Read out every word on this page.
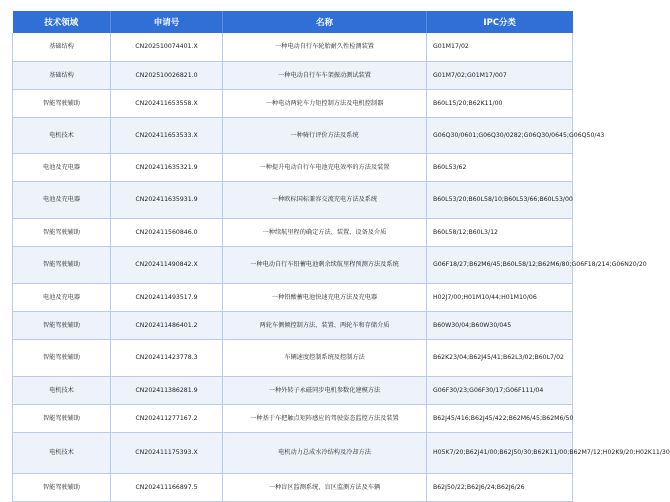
技术领域	申请号	名称	IPC分类
基础结构	CN202510074401.X	一种电动自行车轮胎耐久性检测装置	G01M17/02
基础结构	CN202510026821.0	一种电动自行车车架振动测试装置	G01M7/02;G01M17/007
智能驾驶辅助	CN202411653558.X	一种电动两轮车力矩控制方法及电机控制器	B60L15/20;B62K11/00
电机技术	CN202411653533.X	一种骑行评价方法及系统	G06Q30/0601;G06Q30/0282;G06Q30/0645;G06Q50/43
电池及充电器	CN202411635321.9	一种提升电动自行车电池充电效率的方法及装置	B60L53/62
电池及充电器	CN202411635931.9	一种欧标国标兼容交流充电方法及系统	B60L53/20;B60L58/10;B60L53/66;B60L53/00
智能驾驶辅助	CN202411560846.0	一种续航里程的确定方法、装置、设备及介质	B60L58/12;B60L3/12
智能驾驶辅助	CN202411490842.X	一种电动自行车铅蓄电池剩余续航里程预测方法及系统	G06F18/27;B62M6/45;B60L58/12;B62M6/80;G06F18/214;G06N20/20
电池及充电器	CN202411493517.9	一种铅酸蓄电池快速充电方法及充电器	H02J7/00;H01M10/44;H01M10/06
智能驾驶辅助	CN202411486401.2	两轮车侧倾控制方法、装置、两轮车和存储介质	B60W30/04;B60W30/045
智能驾驶辅助	CN202411423778.3	车辆速度控制系统及控制方法	B62K23/04;B62J45/41;B62L3/02;B60L7/02
电机技术	CN202411386281.9	一种外转子永磁同步电机参数化建模方法	G06F30/23;G06F30/17;G06F111/04
智能驾驶辅助	CN202411277167.2	一种基于车把触点矩阵感应的驾驶姿态监控方法及装置	B62J45/416;B62J45/422;B62M6/45;B62M6/50
电机技术	CN202411175393.X	电机动力总成水冷结构及冷却方法	H05K7/20;B62J41/00;B62J50/30;B62K11/00;B62M7/12;H02K9/20;H02K11/30
智能驾驶辅助	CN202411166897.5	一种盲区监测系统、盲区监测方法及车辆	B62J50/22;B62J6/24;B62J6/26
